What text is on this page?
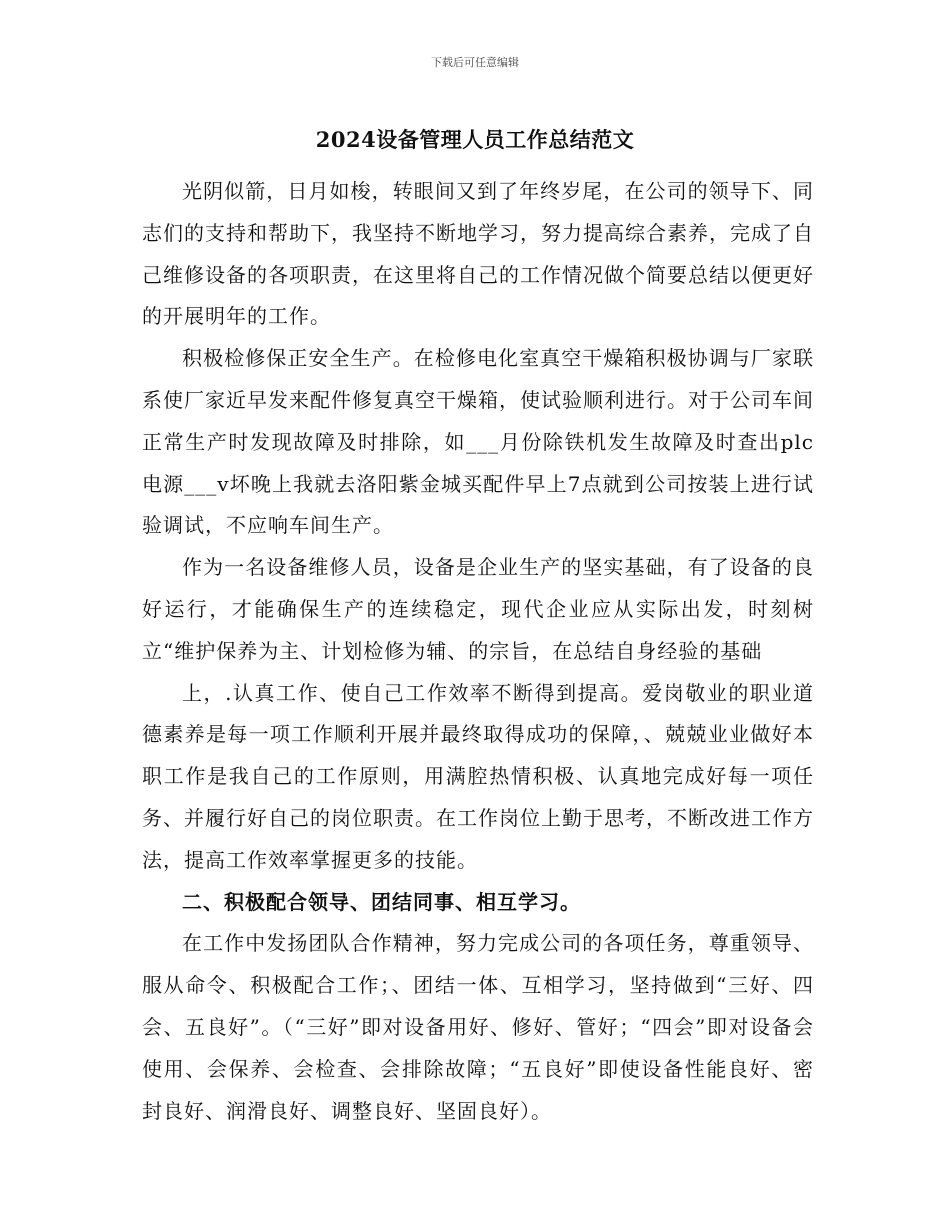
下载后可任意编辑
2024设备管理人员工作总结范文

光阴似箭，日月如梭，转眼间又到了年终岁尾，在公司的领导下、同志们的支持和帮助下，我坚持不断地学习，努力提高综合素养，完成了自己维修设备的各项职责，在这里将自己的工作情况做个简要总结以便更好的开展明年的工作。

积极检修保正安全生产。在检修电化室真空干燥箱积极协调与厂家联系使厂家近早发来配件修复真空干燥箱，使试验顺利进行。对于公司车间正常生产时发现故障及时排除，如___月份除铁机发生故障及时查出plc电源___v坏晚上我就去洛阳紫金城买配件早上7点就到公司按装上进行试验调试，不应响车间生产。

作为一名设备维修人员，设备是企业生产的坚实基础，有了设备的良好运行，才能确保生产的连续稳定，现代企业应从实际出发，时刻树立“维护保养为主、计划检修为辅、的宗旨，在总结自身经验的基础

上，.认真工作、使自己工作效率不断得到提高。爱岗敬业的职业道德素养是每一项工作顺利开展并最终取得成功的保障，、兢兢业业做好本职工作是我自己的工作原则，用满腔热情积极、认真地完成好每一项任务、并履行好自己的岗位职责。在工作岗位上勤于思考，不断改进工作方法，提高工作效率掌握更多的技能。

二、积极配合领导、团结同事、相互学习。

在工作中发扬团队合作精神，努力完成公司的各项任务，尊重领导、服从命令、积极配合工作；、团结一体、互相学习，坚持做到“三好、四会、五良好”。（“三好”即对设备用好、修好、管好；“四会”即对设备会使用、会保养、会检查、会排除故障；“五良好”即使设备性能良好、密封良好、润滑良好、调整良好、坚固良好）。
